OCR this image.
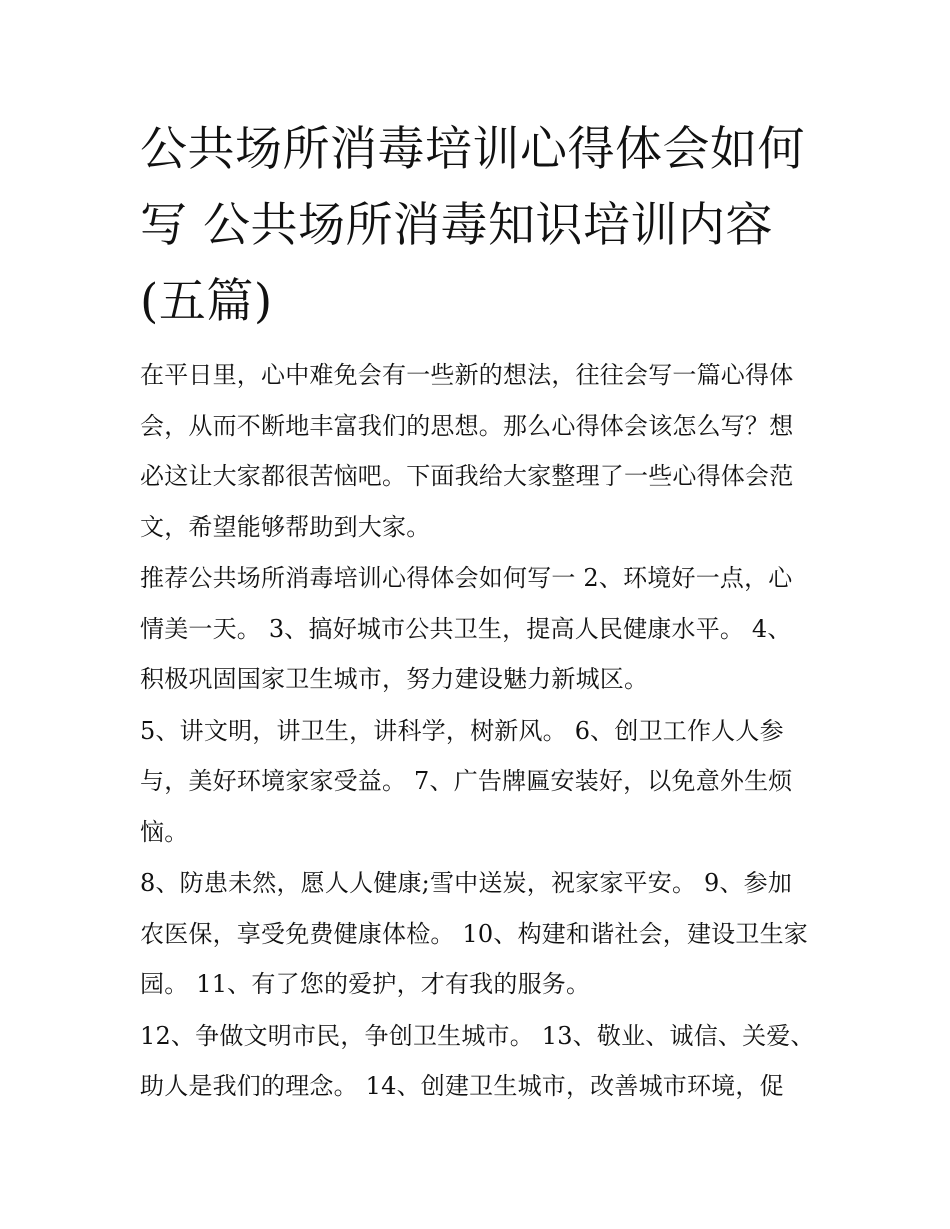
公共场所消毒培训心得体会如何写 公共场所消毒知识培训内容(五篇)

在平日里，心中难免会有一些新的想法，往往会写一篇心得体会，从而不断地丰富我们的思想。那么心得体会该怎么写？想必这让大家都很苦恼吧。下面我给大家整理了一些心得体会范文，希望能够帮助到大家。

推荐公共场所消毒培训心得体会如何写一 2、环境好一点，心情美一天。 3、搞好城市公共卫生，提高人民健康水平。 4、积极巩固国家卫生城市，努力建设魅力新城区。

5、讲文明，讲卫生，讲科学，树新风。 6、创卫工作人人参与，美好环境家家受益。 7、广告牌匾安装好，以免意外生烦恼。

8、防患未然，愿人人健康;雪中送炭，祝家家平安。 9、参加农医保，享受免费健康体检。 10、构建和谐社会，建设卫生家园。 11、有了您的爱护，才有我的服务。

12、争做文明市民，争创卫生城市。 13、敬业、诚信、关爱、助人是我们的理念。 14、创建卫生城市，改善城市环境，促
